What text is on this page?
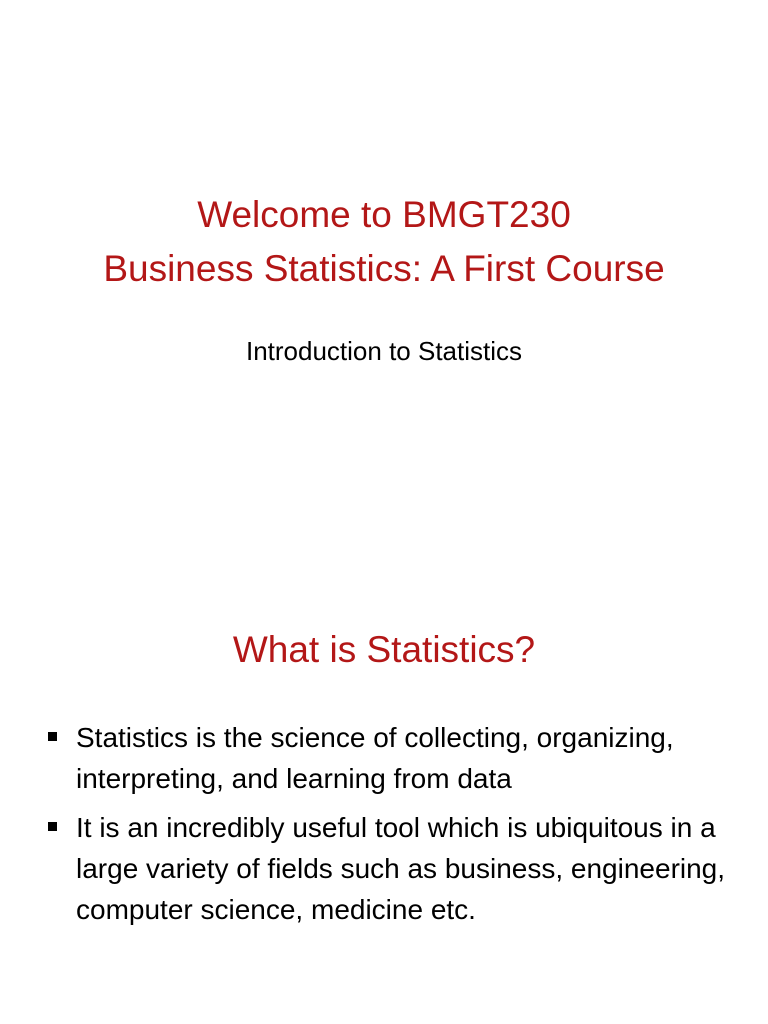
Welcome to BMGT230
Business Statistics: A First Course
Introduction to Statistics
What is Statistics?
Statistics is the science of collecting, organizing, interpreting, and learning from data
It is an incredibly useful tool which is ubiquitous in a large variety of fields such as business, engineering, computer science, medicine etc.
